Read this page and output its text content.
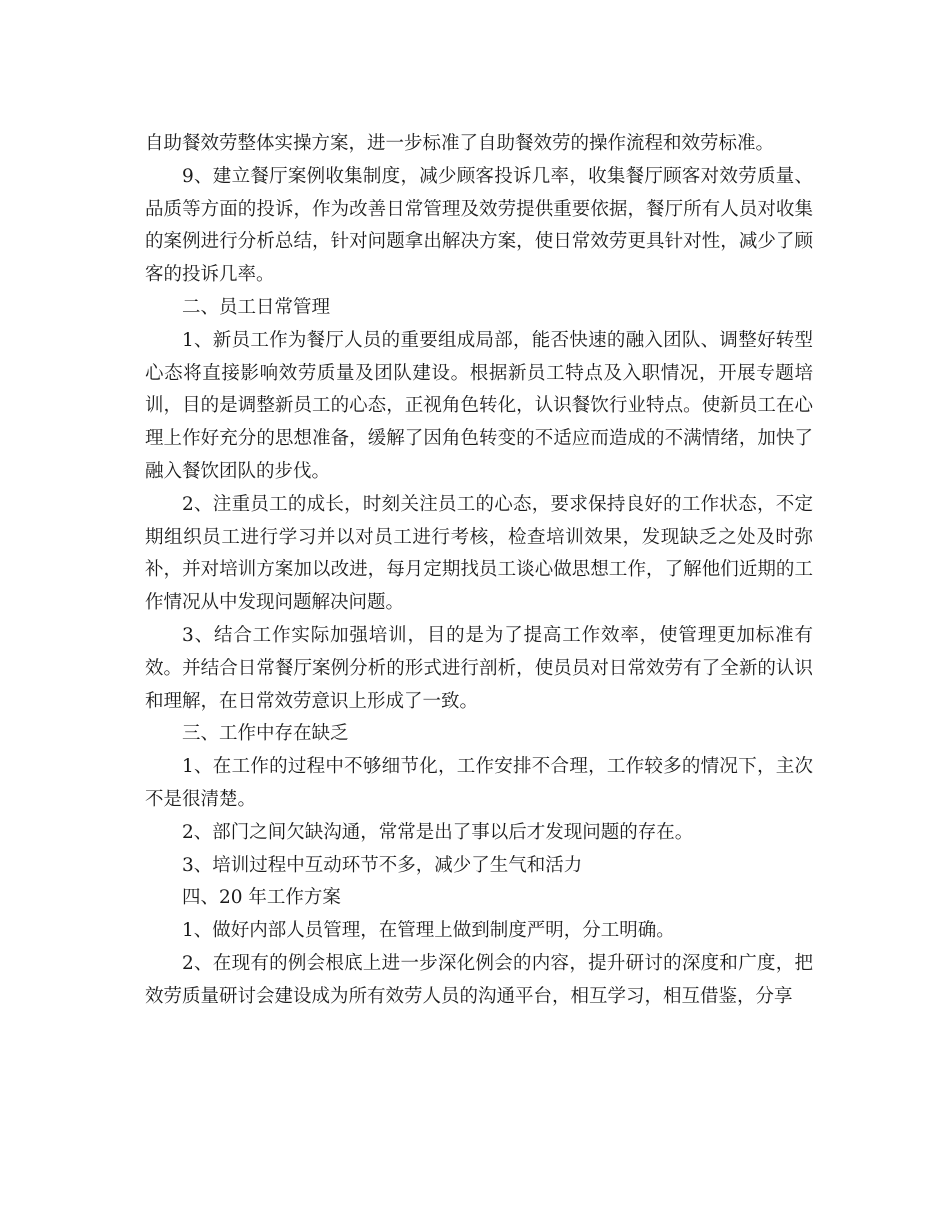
自助餐效劳整体实操方案，进一步标准了自助餐效劳的操作流程和效劳标准。

9、建立餐厅案例收集制度，减少顾客投诉几率，收集餐厅顾客对效劳质量、品质等方面的投诉，作为改善日常管理及效劳提供重要依据，餐厅所有人员对收集的案例进行分析总结，针对问题拿出解决方案，使日常效劳更具针对性，减少了顾客的投诉几率。

二、员工日常管理

1、新员工作为餐厅人员的重要组成局部，能否快速的融入团队、调整好转型心态将直接影响效劳质量及团队建设。根据新员工特点及入职情况，开展专题培训，目的是调整新员工的心态，正视角色转化，认识餐饮行业特点。使新员工在心理上作好充分的思想准备，缓解了因角色转变的不适应而造成的不满情绪，加快了融入餐饮团队的步伐。

2、注重员工的成长，时刻关注员工的心态，要求保持良好的工作状态，不定期组织员工进行学习并以对员工进行考核，检查培训效果，发现缺乏之处及时弥补，并对培训方案加以改进，每月定期找员工谈心做思想工作，了解他们近期的工作情况从中发现问题解决问题。

3、结合工作实际加强培训，目的是为了提高工作效率，使管理更加标准有效。并结合日常餐厅案例分析的形式进行剖析，使员员对日常效劳有了全新的认识和理解，在日常效劳意识上形成了一致。

三、工作中存在缺乏

1、在工作的过程中不够细节化，工作安排不合理，工作较多的情况下，主次不是很清楚。

2、部门之间欠缺沟通，常常是出了事以后才发现问题的存在。

3、培训过程中互动环节不多，减少了生气和活力

四、20 年工作方案

1、做好内部人员管理，在管理上做到制度严明，分工明确。

2、在现有的例会根底上进一步深化例会的内容，提升研讨的深度和广度，把效劳质量研讨会建设成为所有效劳人员的沟通平台，相互学习，相互借鉴，分享
